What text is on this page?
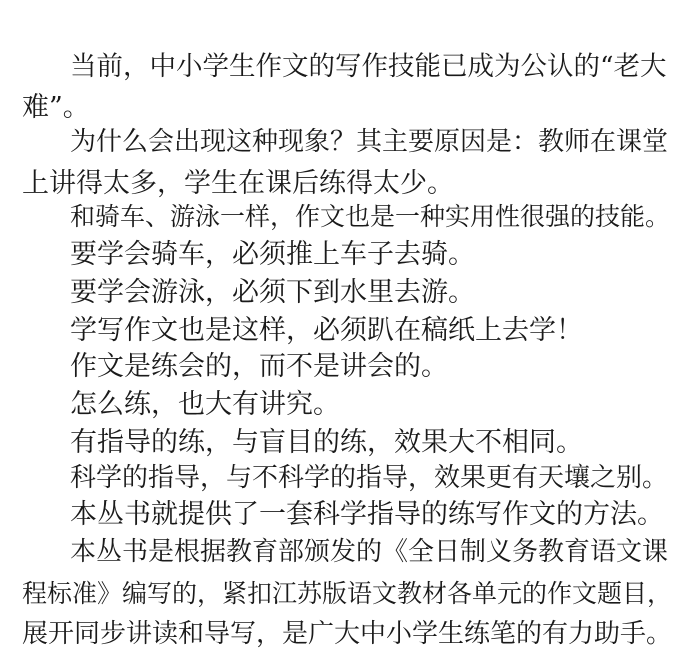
当前，中小学生作文的写作技能已成为公认的“老大
难”。

为什么会出现这种现象？其主要原因是：教师在课堂
上讲得太多，学生在课后练得太少。

和骑车、游泳一样，作文也是一种实用性很强的技能。

要学会骑车，必须推上车子去骑。

要学会游泳，必须下到水里去游。

学写作文也是这样，必须趴在稿纸上去学！

作文是练会的，而不是讲会的。

怎么练，也大有讲究。

有指导的练，与盲目的练，效果大不相同。

科学的指导，与不科学的指导，效果更有天壤之别。

本丛书就提供了一套科学指导的练写作文的方法。

本丛书是根据教育部颁发的《全日制义务教育语文课
程标准》编写的，紧扣江苏版语文教材各单元的作文题目，
展开同步讲读和导写，是广大中小学生练笔的有力助手。
